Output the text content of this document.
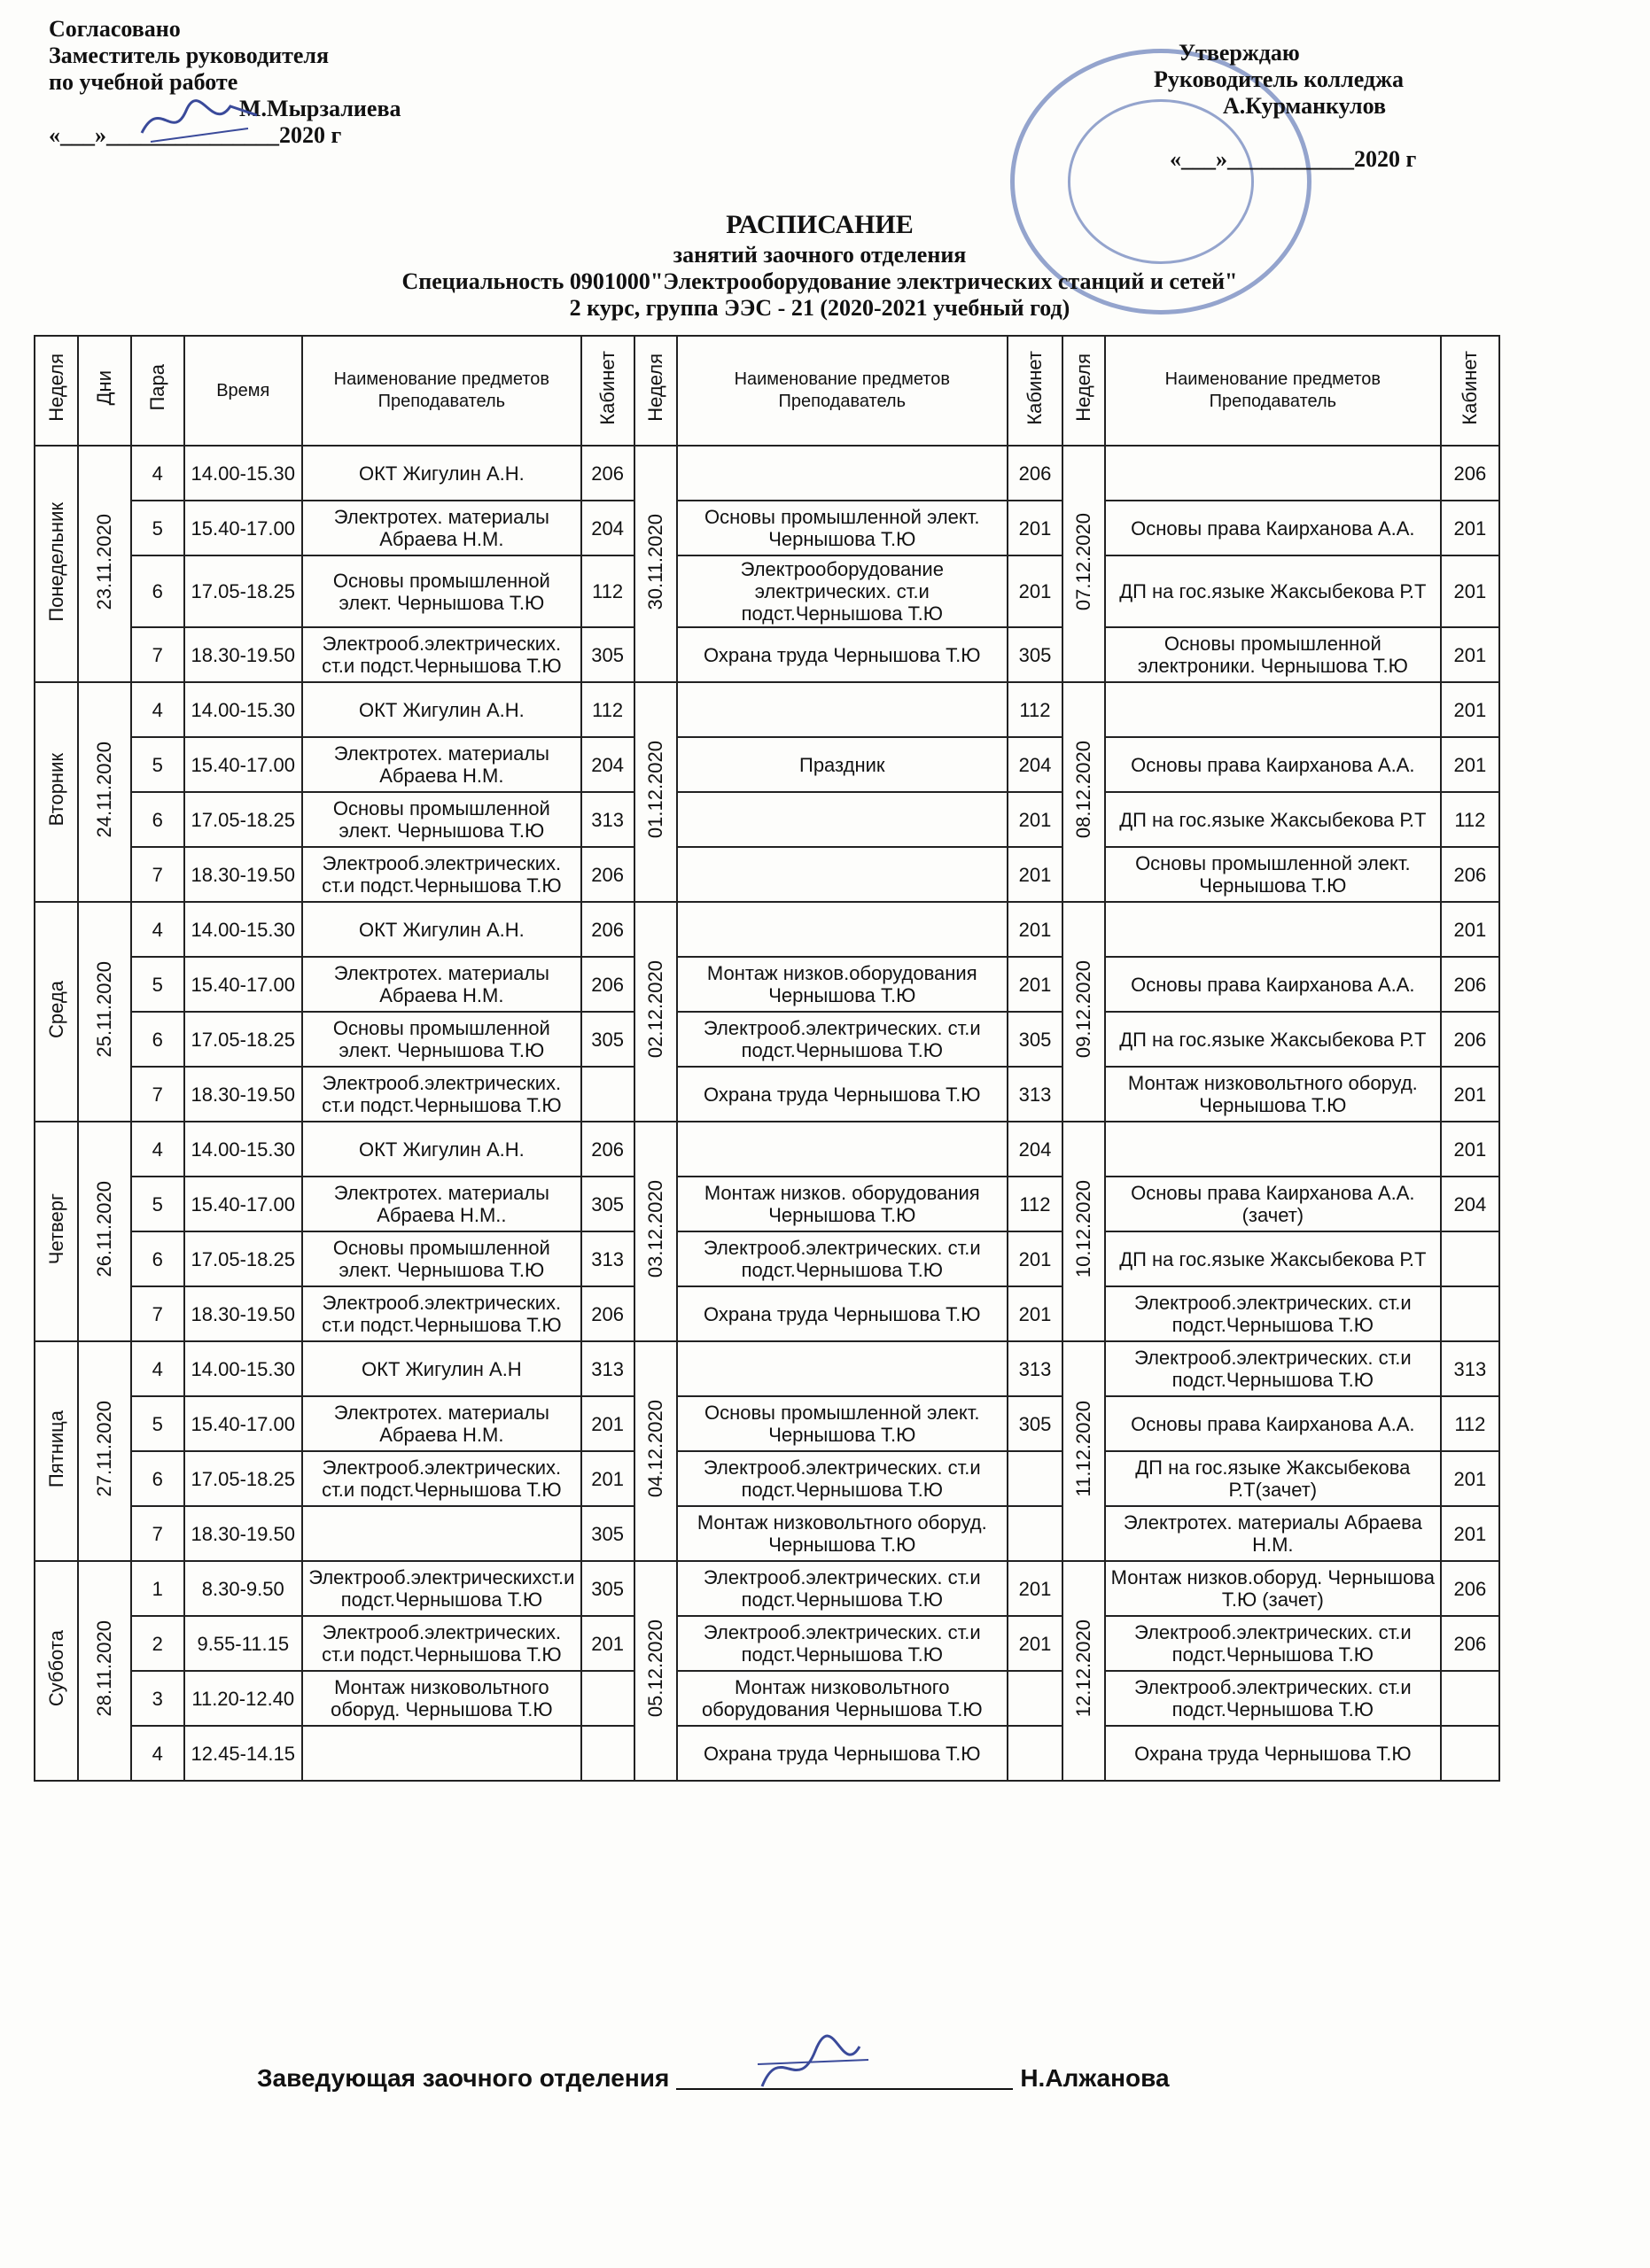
Согласовано
Заместитель руководителя
по учебной работе
М.Мырзалиева
«___»_______________2020 г
Утверждаю
Руководитель колледжа
А.Курманкулов
«___»___________2020 г
РАСПИСАНИЕ
занятий заочного отделения
Специальность 0901000"Электрооборудование электрических станций и сетей"
2 курс, группа ЭЭС - 21 (2020-2021 учебный год)
Неделя	Дни	Пара	Время	Наименование предметов Преподаватель	Кабинет	Неделя	Наименование предметов Преподаватель	Кабинет	Неделя	Наименование предметов Преподаватель	Кабинет
Понедельник	23.11.2020	4	14.00-15.30	ОКТ Жигулин А.Н.	206	30.11.2020		206	07.12.2020		206
		5	15.40-17.00	Электротех. материалы Абраева Н.М.	204		Основы промышленной элект. Чернышова Т.Ю	201		Основы права Каирханова А.А.	201
		6	17.05-18.25	Основы промышленной элект. Чернышова Т.Ю	112		Электрооборудование электрических. ст.и подст.Чернышова Т.Ю	201		ДП на гос.языке Жаксыбекова Р.Т	201
		7	18.30-19.50	Электрооб.электрических. ст.и подст.Чернышова Т.Ю	305		Охрана труда Чернышова Т.Ю	305		Основы промышленной электроники. Чернышова Т.Ю	201
Вторник	24.11.2020	4	14.00-15.30	ОКТ Жигулин А.Н.	112	01.12.2020		112	08.12.2020		201
		5	15.40-17.00	Электротех. материалы Абраева Н.М.	204		Праздник	204		Основы права Каирханова А.А.	201
		6	17.05-18.25	Основы промышленной элект. Чернышова Т.Ю	313			201		ДП на гос.языке Жаксыбекова Р.Т	112
		7	18.30-19.50	Электрооб.электрических. ст.и подст.Чернышова Т.Ю	206			201		Основы промышленной элект. Чернышова Т.Ю	206
Среда	25.11.2020	4	14.00-15.30	ОКТ Жигулин А.Н.	206	02.12.2020		201	09.12.2020		201
		5	15.40-17.00	Электротех. материалы Абраева Н.М.	206		Монтаж низков.оборудования Чернышова Т.Ю	201		Основы права Каирханова А.А.	206
		6	17.05-18.25	Основы промышленной элект. Чернышова Т.Ю	305		Электрооб.электрических. ст.и подст.Чернышова Т.Ю	305		ДП на гос.языке Жаксыбекова Р.Т	206
		7	18.30-19.50	Электрооб.электрических. ст.и подст.Чернышова Т.Ю			Охрана труда Чернышова Т.Ю	313		Монтаж низковольтного оборуд. Чернышова Т.Ю	201
Четверг	26.11.2020	4	14.00-15.30	ОКТ Жигулин А.Н.	206	03.12.2020		204	10.12.2020		201
		5	15.40-17.00	Электротех. материалы Абраева Н.М..	305		Монтаж низков. оборудования Чернышова Т.Ю	112		Основы права Каирханова А.А.(зачет)	204
		6	17.05-18.25	Основы промышленной элект. Чернышова Т.Ю	313		Электрооб.электрических. ст.и подст.Чернышова Т.Ю	201		ДП на гос.языке Жаксыбекова Р.Т	
		7	18.30-19.50	Электрооб.электрических. ст.и подст.Чернышова Т.Ю	206		Охрана труда Чернышова Т.Ю	201		Электрооб.электрических. ст.и подст.Чернышова Т.Ю	
Пятница	27.11.2020	4	14.00-15.30	ОКТ Жигулин А.Н	313	04.12.2020		313	11.12.2020	Электрооб.электрических. ст.и подст.Чернышова Т.Ю	313
		5	15.40-17.00	Электротех. материалы Абраева Н.М.	201		Основы промышленной элект. Чернышова Т.Ю	305		Основы права Каирханова А.А.	112
		6	17.05-18.25	Электрооб.электрических. ст.и подст.Чернышова Т.Ю	201		Электрооб.электрических. ст.и подст.Чернышова Т.Ю			ДП на гос.языке Жаксыбекова Р.Т(зачет)	201
		7	18.30-19.50		305		Монтаж низковольтного оборуд. Чернышова Т.Ю			Электротех. материалы Абраева Н.М.	201
Суббота	28.11.2020	1	8.30-9.50	Электрооб.электрическихст.и подст.Чернышова Т.Ю	305	05.12.2020	Электрооб.электрических. ст.и подст.Чернышова Т.Ю	201	12.12.2020	Монтаж низков.оборуд. Чернышова Т.Ю (зачет)	206
		2	9.55-11.15	Электрооб.электрических. ст.и подст.Чернышова Т.Ю	201		Электрооб.электрических. ст.и подст.Чернышова Т.Ю	201		Электрооб.электрических. ст.и подст.Чернышова Т.Ю	206
		3	11.20-12.40	Монтаж низковольтного оборуд. Чернышова Т.Ю			Монтаж низковольтного оборудования Чернышова Т.Ю			Электрооб.электрических. ст.и подст.Чернышова Т.Ю	
		4	12.45-14.15				Охрана труда Чернышова Т.Ю			Охрана труда Чернышова Т.Ю	
Заведующая заочного отделения	Н.Алжанова
